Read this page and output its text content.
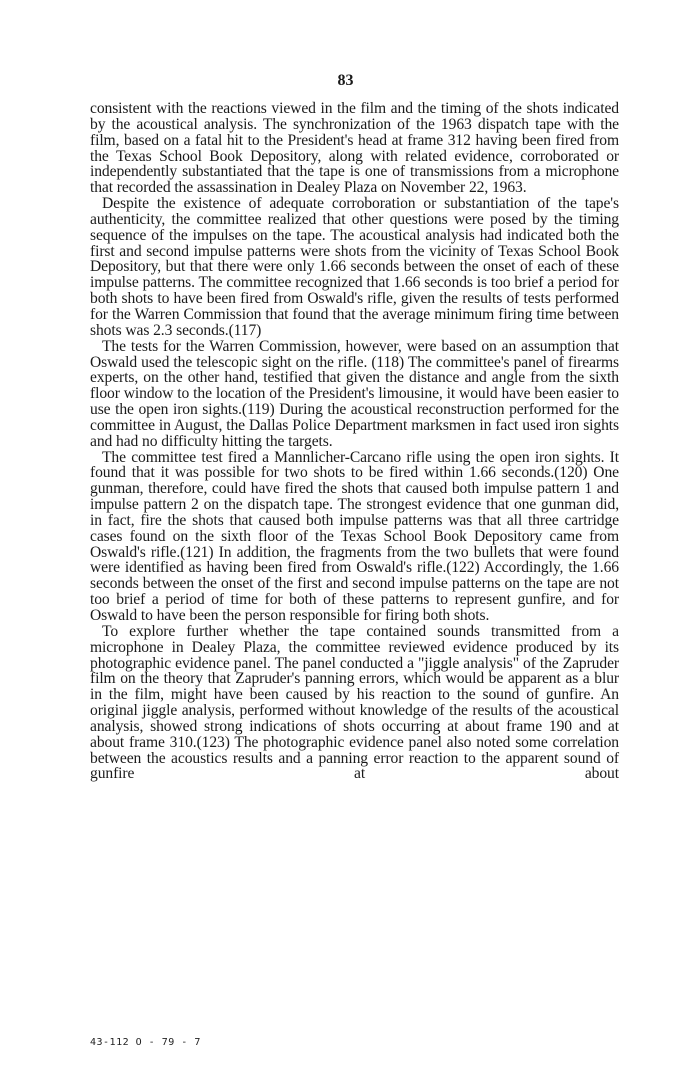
83

consistent with the reactions viewed in the film and the timing of the shots indicated by the acoustical analysis. The synchronization of the 1963 dispatch tape with the film, based on a fatal hit to the President's head at frame 312 having been fired from the Texas School Book Depository, along with related evidence, corroborated or independently substantiated that the tape is one of transmissions from a microphone that recorded the assassination in Dealey Plaza on November 22, 1963.

Despite the existence of adequate corroboration or substantiation of the tape's authenticity, the committee realized that other questions were posed by the timing sequence of the impulses on the tape. The acoustical analysis had indicated both the first and second impulse patterns were shots from the vicinity of Texas School Book Depository, but that there were only 1.66 seconds between the onset of each of these impulse patterns. The committee recognized that 1.66 seconds is too brief a period for both shots to have been fired from Oswald's rifle, given the results of tests performed for the Warren Commission that found that the average minimum firing time between shots was 2.3 seconds.(117)

The tests for the Warren Commission, however, were based on an assumption that Oswald used the telescopic sight on the rifle. (118) The committee's panel of firearms experts, on the other hand, testified that given the distance and angle from the sixth floor window to the location of the President's limousine, it would have been easier to use the open iron sights.(119) During the acoustical reconstruction performed for the committee in August, the Dallas Police Department marksmen in fact used iron sights and had no difficulty hitting the targets.

The committee test fired a Mannlicher-Carcano rifle using the open iron sights. It found that it was possible for two shots to be fired within 1.66 seconds.(120) One gunman, therefore, could have fired the shots that caused both impulse pattern 1 and impulse pattern 2 on the dispatch tape. The strongest evidence that one gunman did, in fact, fire the shots that caused both impulse patterns was that all three cartridge cases found on the sixth floor of the Texas School Book Depository came from Oswald's rifle.(121) In addition, the fragments from the two bullets that were found were identified as having been fired from Oswald's rifle.(122) Accordingly, the 1.66 seconds between the onset of the first and second impulse patterns on the tape are not too brief a period of time for both of these patterns to represent gunfire, and for Oswald to have been the person responsible for firing both shots.

To explore further whether the tape contained sounds transmitted from a microphone in Dealey Plaza, the committee reviewed evidence produced by its photographic evidence panel. The panel conducted a "jiggle analysis" of the Zapruder film on the theory that Zapruder's panning errors, which would be apparent as a blur in the film, might have been caused by his reaction to the sound of gunfire. An original jiggle analysis, performed without knowledge of the results of the acoustical analysis, showed strong indications of shots occurring at about frame 190 and at about frame 310.(123) The photographic evidence panel also noted some correlation between the acoustics results and a panning error reaction to the apparent sound of gunfire at about

43-112 O - 79 - 7
